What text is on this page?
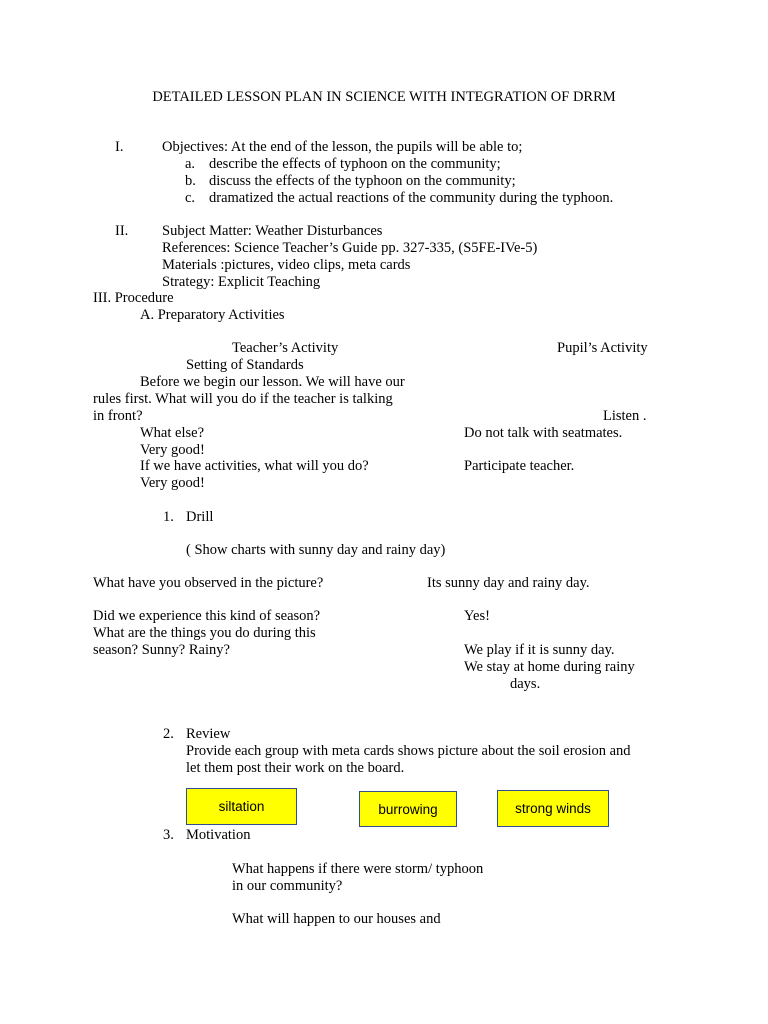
DETAILED LESSON PLAN IN SCIENCE WITH INTEGRATION OF DRRM
I.	Objectives: At the end of the lesson, the pupils will be able to;
a. describe the effects of typhoon on the community;
b. discuss the effects of the typhoon on the community;
c. dramatized the actual reactions of the community during the typhoon.
II. Subject Matter: Weather Disturbances
References: Science Teacher’s Guide pp. 327-335, (S5FE-IVe-5)
Materials :pictures, video clips, meta cards
Strategy: Explicit Teaching
III. Procedure
A. Preparatory Activities
Teacher’s Activity	Pupil’s Activity
Setting of Standards
Before we begin our lesson. We will have our
rules first. What will you do if the teacher is talking
in front?	Listen .
What else?	Do not talk with seatmates.
Very good!
If we have activities, what will you do?	Participate teacher.
Very good!
1. Drill
( Show charts with sunny day and rainy day)
What have you observed in the picture?	Its sunny day and rainy day.
Did we experience this kind of season?	Yes!
What are the things you do during this
season? Sunny? Rainy?	We play if it is sunny day.
We stay at home during rainy
days.
2. Review
Provide each group with meta cards shows picture about the soil erosion and
let them post their work on the board.
siltation	burrowing	strong winds
3. Motivation
What happens if there were storm/ typhoon
in our community?
What will happen to our houses and
